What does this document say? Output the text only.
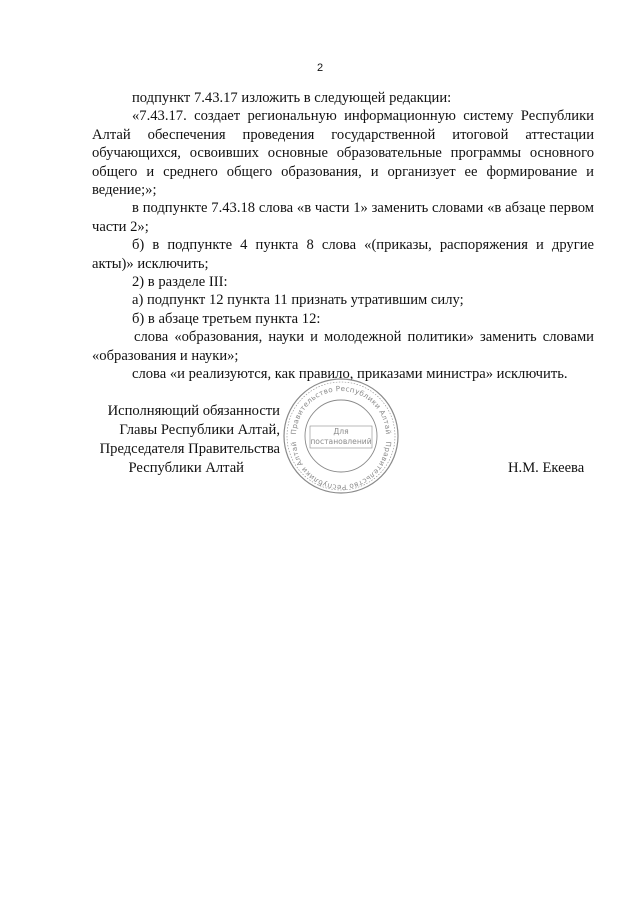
2

подпункт 7.43.17 изложить в следующей редакции:

«7.43.17. создает региональную информационную систему Республики Алтай обеспечения проведения государственной итоговой аттестации обучающихся, освоивших основные образовательные программы основного общего и среднего общего образования, и организует ее формирование и ведение;»;

в подпункте 7.43.18 слова «в части 1» заменить словами «в абзаце первом части 2»;

б) в подпункте 4 пункта 8 слова «(приказы, распоряжения и другие акты)» исключить;

2) в разделе III:

а) подпункт 12 пункта 11 признать утратившим силу;

б) в абзаце третьем пункта 12:

слова «образования, науки и молодежной политики» заменить словами «образования и науки»;

слова «и реализуются, как правило, приказами министра» исключить.

Исполняющий обязанности
Главы Республики Алтай,
Председателя Правительства
Республики Алтай	Н.М. Екеева
Правительство Республики Алтай
Правительство Республики Алтай
Для постановлений
